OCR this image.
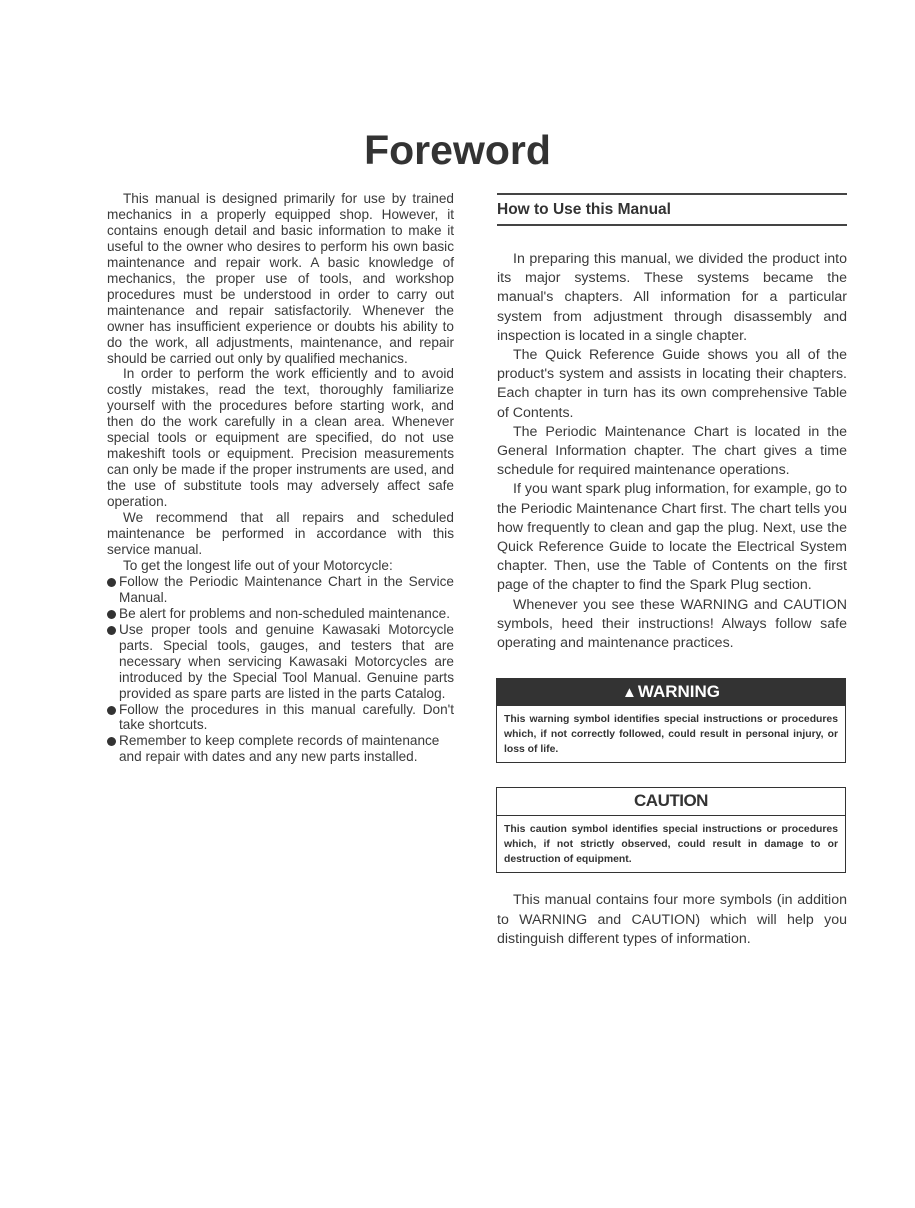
Foreword

This manual is designed primarily for use by trained mechanics in a properly equipped shop. However, it contains enough detail and basic information to make it useful to the owner who desires to perform his own basic maintenance and repair work. A basic knowledge of mechanics, the proper use of tools, and workshop procedures must be understood in order to carry out maintenance and repair satisfactorily. Whenever the owner has insufficient experience or doubts his ability to do the work, all adjustments, maintenance, and repair should be carried out only by qualified mechanics.

In order to perform the work efficiently and to avoid costly mistakes, read the text, thoroughly familiarize yourself with the procedures before starting work, and then do the work carefully in a clean area. Whenever special tools or equipment are specified, do not use makeshift tools or equipment. Precision measurements can only be made if the proper instruments are used, and the use of substitute tools may adversely affect safe operation.

We recommend that all repairs and scheduled maintenance be performed in accordance with this service manual.

To get the longest life out of your Motorcycle:

Follow the Periodic Maintenance Chart in the Service Manual.
Be alert for problems and non-scheduled maintenance.
Use proper tools and genuine Kawasaki Motorcycle parts. Special tools, gauges, and testers that are necessary when servicing Kawasaki Motorcycles are introduced by the Special Tool Manual. Genuine parts provided as spare parts are listed in the parts Catalog.
Follow the procedures in this manual carefully. Don't take shortcuts.
Remember to keep complete records of maintenance and repair with dates and any new parts installed.
How to Use this Manual

In preparing this manual, we divided the product into its major systems. These systems became the manual's chapters. All information for a particular system from adjustment through disassembly and inspection is located in a single chapter.

The Quick Reference Guide shows you all of the product's system and assists in locating their chapters. Each chapter in turn has its own comprehensive Table of Contents.

The Periodic Maintenance Chart is located in the General Information chapter. The chart gives a time schedule for required maintenance operations.

If you want spark plug information, for example, go to the Periodic Maintenance Chart first. The chart tells you how frequently to clean and gap the plug. Next, use the Quick Reference Guide to locate the Electrical System chapter. Then, use the Table of Contents on the first page of the chapter to find the Spark Plug section.

Whenever you see these WARNING and CAUTION symbols, heed their instructions! Always follow safe operating and maintenance practices.

▲WARNING
This warning symbol identifies special instructions or procedures which, if not correctly followed, could result in personal injury, or loss of life.
CAUTION
This caution symbol identifies special instructions or procedures which, if not strictly observed, could result in damage to or destruction of equipment.

This manual contains four more symbols (in addition to WARNING and CAUTION) which will help you distinguish different types of information.
